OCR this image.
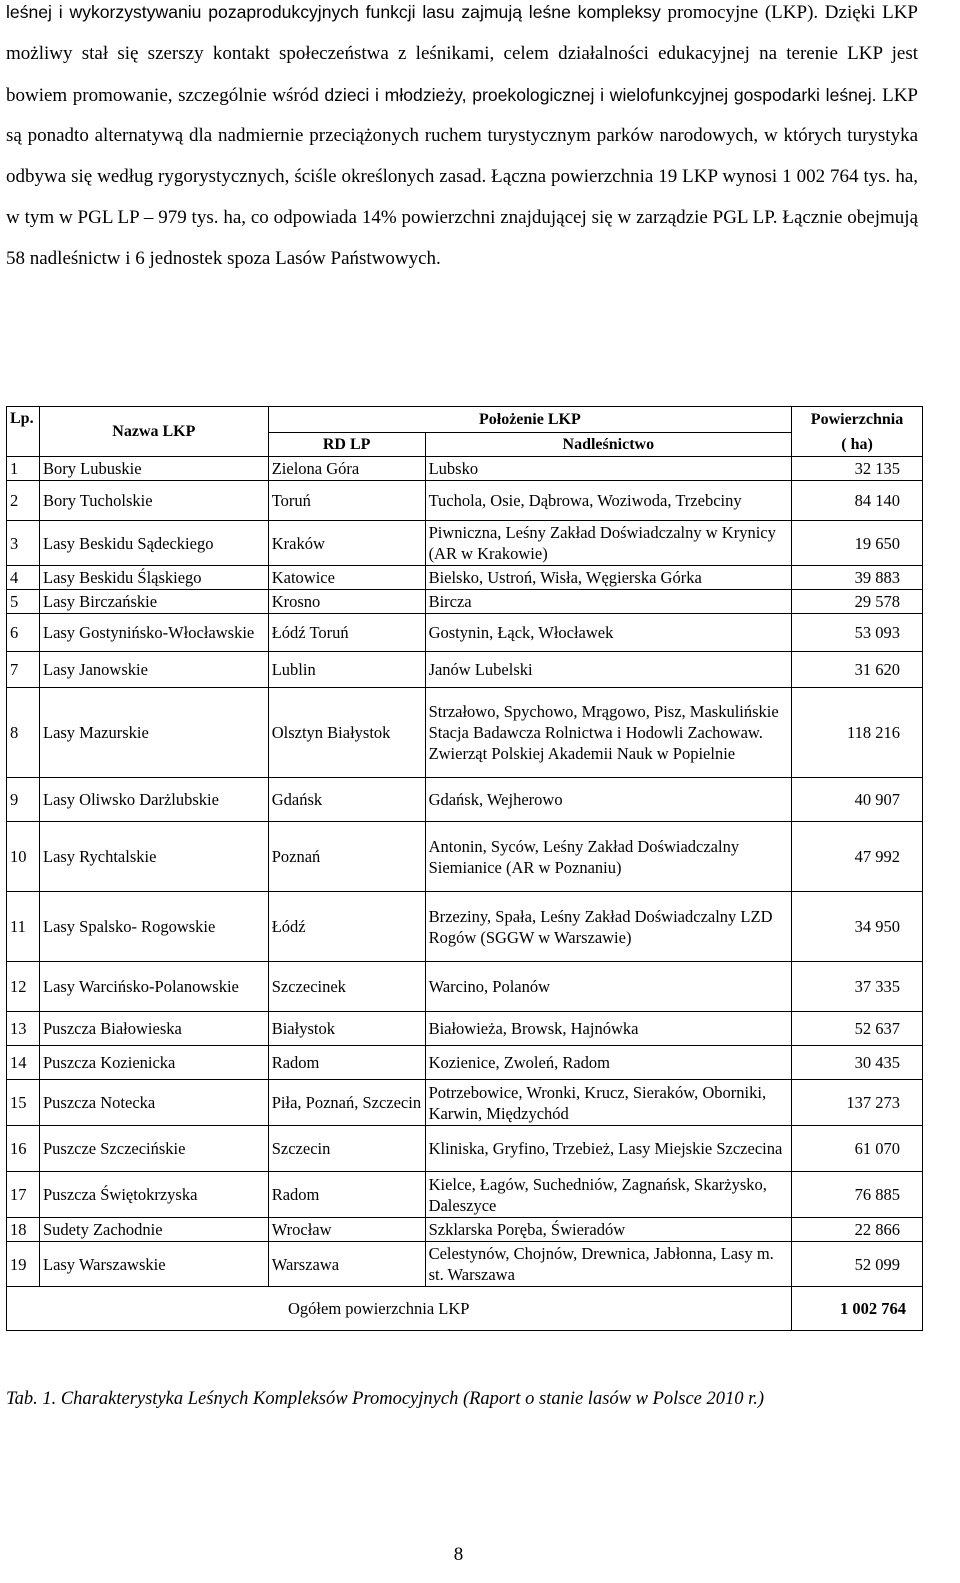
leśnej i wykorzystywaniu pozaprodukcyjnych funkcji lasu zajmują leśne kompleksy promocyjne (LKP). Dzięki LKP możliwy stał się szerszy kontakt społeczeństwa z leśnikami, celem działalności edukacyjnej na terenie LKP jest bowiem promowanie, szczególnie wśród dzieci i młodzieży, proekologicznej i wielofunkcyjnej gospodarki leśnej. LKP są ponadto alternatywą dla nadmiernie przeciążonych ruchem turystycznym parków narodowych, w których turystyka odbywa się według rygorystycznych, ściśle określonych zasad. Łączna powierzchnia 19 LKP wynosi 1 002 764 tys. ha, w tym w PGL LP – 979 tys. ha, co odpowiada 14% powierzchni znajdującej się w zarządzie PGL LP. Łącznie obejmują 58 nadleśnictw i 6 jednostek spoza Lasów Państwowych.
Lp.	Nazwa LKP	Położenie LKP		Powierzchnia
		RD LP	Nadleśnictwo	( ha)
1	Bory Lubuskie	Zielona Góra	Lubsko	32 135
2	Bory Tucholskie	Toruń	Tuchola, Osie, Dąbrowa, Woziwoda, Trzebciny	84 140
3	Lasy Beskidu Sądeckiego	Kraków	Piwniczna, Leśny Zakład Doświadczalny w Krynicy (AR w Krakowie)	19 650
4	Lasy Beskidu Śląskiego	Katowice	Bielsko, Ustroń, Wisła, Węgierska Górka	39 883
5	Lasy Birczańskie	Krosno	Bircza	29 578
6	Lasy Gostynińsko-Włocławskie	Łódź Toruń	Gostynin, Łąck, Włocławek	53 093
7	Lasy Janowskie	Lublin	Janów Lubelski	31 620
8	Lasy Mazurskie	Olsztyn Białystok	Strzałowo, Spychowo, Mrągowo, Pisz, Maskulińskie Stacja Badawcza Rolnictwa i Hodowli Zachowaw. Zwierząt Polskiej Akademii Nauk w Popielnie	118 216
9	Lasy Oliwsko Darżlubskie	Gdańsk	Gdańsk, Wejherowo	40 907
10	Lasy Rychtalskie	Poznań	Antonin, Syców, Leśny Zakład Doświadczalny Siemianice (AR w Poznaniu)	47 992
11	Lasy Spalsko- Rogowskie	Łódź	Brzeziny, Spała, Leśny Zakład Doświadczalny LZD Rogów (SGGW w Warszawie)	34 950
12	Lasy Warcińsko-Polanowskie	Szczecinek	Warcino, Polanów	37 335
13	Puszcza Białowieska	Białystok	Białowieża, Browsk, Hajnówka	52 637
14	Puszcza Kozienicka	Radom	Kozienice, Zwoleń, Radom	30 435
15	Puszcza Notecka	Piła, Poznań, Szczecin	Potrzebowice, Wronki, Krucz, Sieraków, Oborniki, Karwin, Międzychód	137 273
16	Puszcze Szczecińskie	Szczecin	Kliniska, Gryfino, Trzebież, Lasy Miejskie Szczecina	61 070
17	Puszcza Świętokrzyska	Radom	Kielce, Łagów, Suchedniów, Zagnańsk, Skarżysko, Daleszyce	76 885
18	Sudety Zachodnie	Wrocław	Szklarska Poręba, Świeradów	22 866
19	Lasy Warszawskie	Warszawa	Celestynów, Chojnów, Drewnica, Jabłonna, Lasy m. st. Warszawa	52 099
Ogółem powierzchnia LKP				1 002 764
Tab. 1. Charakterystyka Leśnych Kompleksów Promocyjnych (Raport o stanie lasów w Polsce 2010 r.)
8
